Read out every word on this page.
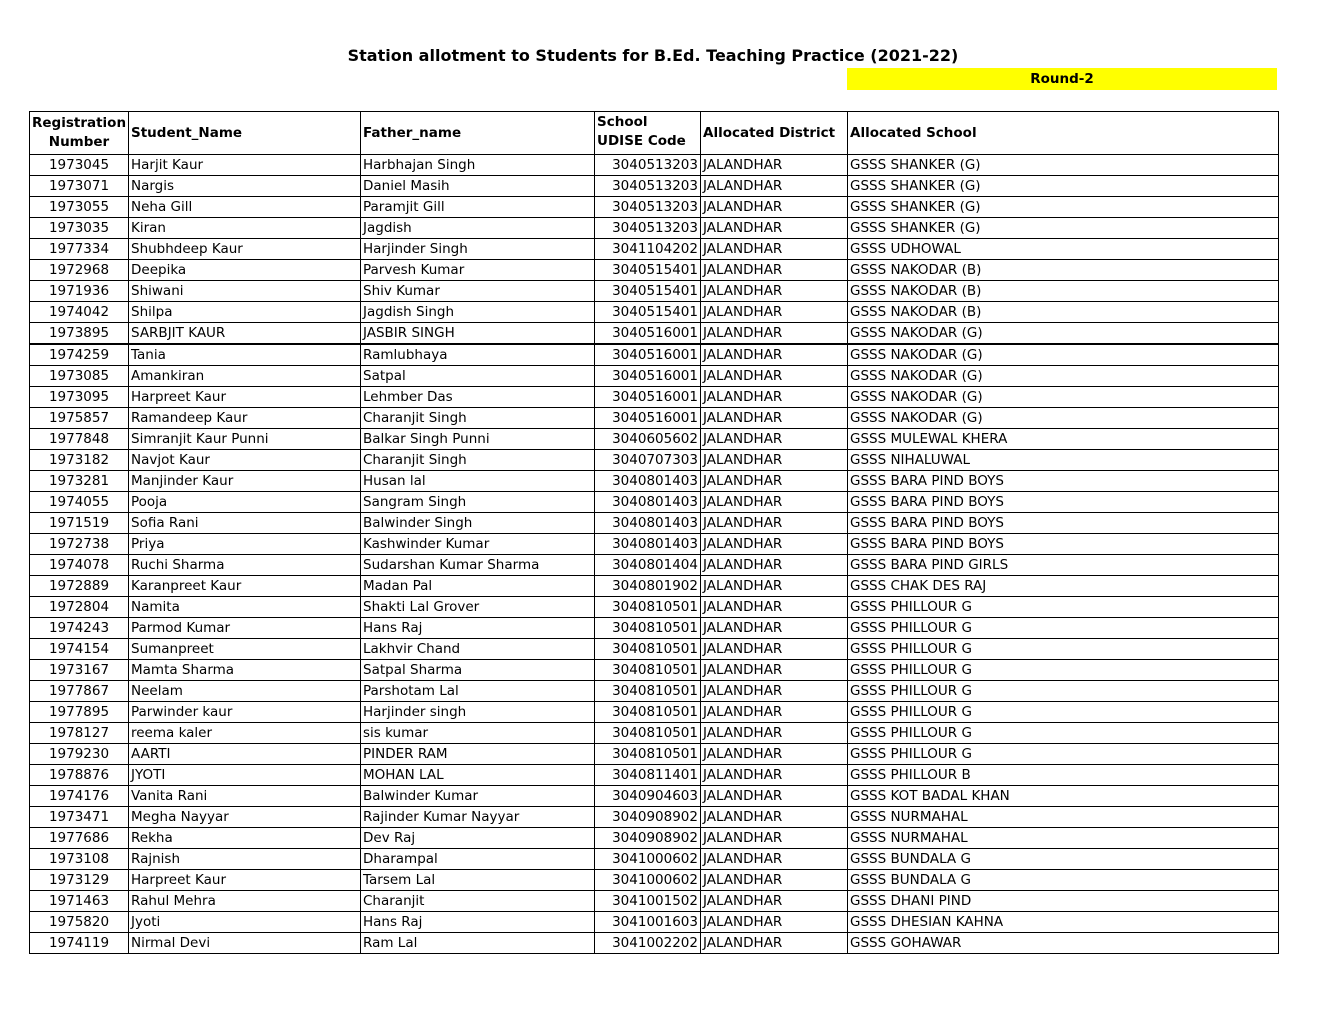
Station allotment to Students for B.Ed. Teaching Practice (2021-22)
Round-2
Registration Number	Student_Name	Father_name	School UDISE Code	Allocated District	Allocated School
1973045	Harjit Kaur	Harbhajan Singh	3040513203	JALANDHAR	GSSS SHANKER (G)
1973071	Nargis	Daniel Masih	3040513203	JALANDHAR	GSSS SHANKER (G)
1973055	Neha Gill	Paramjit Gill	3040513203	JALANDHAR	GSSS SHANKER (G)
1973035	Kiran	Jagdish	3040513203	JALANDHAR	GSSS SHANKER (G)
1977334	Shubhdeep Kaur	Harjinder Singh	3041104202	JALANDHAR	GSSS UDHOWAL
1972968	Deepika	Parvesh Kumar	3040515401	JALANDHAR	GSSS NAKODAR (B)
1971936	Shiwani	Shiv Kumar	3040515401	JALANDHAR	GSSS NAKODAR (B)
1974042	Shilpa	Jagdish Singh	3040515401	JALANDHAR	GSSS NAKODAR (B)
1973895	SARBJIT KAUR	JASBIR SINGH	3040516001	JALANDHAR	GSSS NAKODAR (G)
1974259	Tania	Ramlubhaya	3040516001	JALANDHAR	GSSS NAKODAR (G)
1973085	Amankiran	Satpal	3040516001	JALANDHAR	GSSS NAKODAR (G)
1973095	Harpreet Kaur	Lehmber Das	3040516001	JALANDHAR	GSSS NAKODAR (G)
1975857	Ramandeep Kaur	Charanjit Singh	3040516001	JALANDHAR	GSSS NAKODAR (G)
1977848	Simranjit Kaur Punni	Balkar Singh Punni	3040605602	JALANDHAR	GSSS MULEWAL KHERA
1973182	Navjot Kaur	Charanjit Singh	3040707303	JALANDHAR	GSSS NIHALUWAL
1973281	Manjinder Kaur	Husan lal	3040801403	JALANDHAR	GSSS BARA PIND BOYS
1974055	Pooja	Sangram Singh	3040801403	JALANDHAR	GSSS BARA PIND BOYS
1971519	Sofia Rani	Balwinder Singh	3040801403	JALANDHAR	GSSS BARA PIND BOYS
1972738	Priya	Kashwinder Kumar	3040801403	JALANDHAR	GSSS BARA PIND BOYS
1974078	Ruchi Sharma	Sudarshan Kumar Sharma	3040801404	JALANDHAR	GSSS BARA PIND GIRLS
1972889	Karanpreet Kaur	Madan Pal	3040801902	JALANDHAR	GSSS CHAK DES RAJ
1972804	Namita	Shakti Lal Grover	3040810501	JALANDHAR	GSSS PHILLOUR G
1974243	Parmod Kumar	Hans Raj	3040810501	JALANDHAR	GSSS PHILLOUR G
1974154	Sumanpreet	Lakhvir Chand	3040810501	JALANDHAR	GSSS PHILLOUR G
1973167	Mamta Sharma	Satpal Sharma	3040810501	JALANDHAR	GSSS PHILLOUR G
1977867	Neelam	Parshotam Lal	3040810501	JALANDHAR	GSSS PHILLOUR G
1977895	Parwinder kaur	Harjinder singh	3040810501	JALANDHAR	GSSS PHILLOUR G
1978127	reema kaler	sis kumar	3040810501	JALANDHAR	GSSS PHILLOUR G
1979230	AARTI	PINDER RAM	3040810501	JALANDHAR	GSSS PHILLOUR G
1978876	JYOTI	MOHAN LAL	3040811401	JALANDHAR	GSSS PHILLOUR B
1974176	Vanita Rani	Balwinder Kumar	3040904603	JALANDHAR	GSSS KOT BADAL KHAN
1973471	Megha Nayyar	Rajinder Kumar Nayyar	3040908902	JALANDHAR	GSSS NURMAHAL
1977686	Rekha	Dev Raj	3040908902	JALANDHAR	GSSS NURMAHAL
1973108	Rajnish	Dharampal	3041000602	JALANDHAR	GSSS BUNDALA G
1973129	Harpreet Kaur	Tarsem Lal	3041000602	JALANDHAR	GSSS BUNDALA G
1971463	Rahul Mehra	Charanjit	3041001502	JALANDHAR	GSSS DHANI PIND
1975820	Jyoti	Hans Raj	3041001603	JALANDHAR	GSSS DHESIAN KAHNA
1974119	Nirmal Devi	Ram Lal	3041002202	JALANDHAR	GSSS GOHAWAR
